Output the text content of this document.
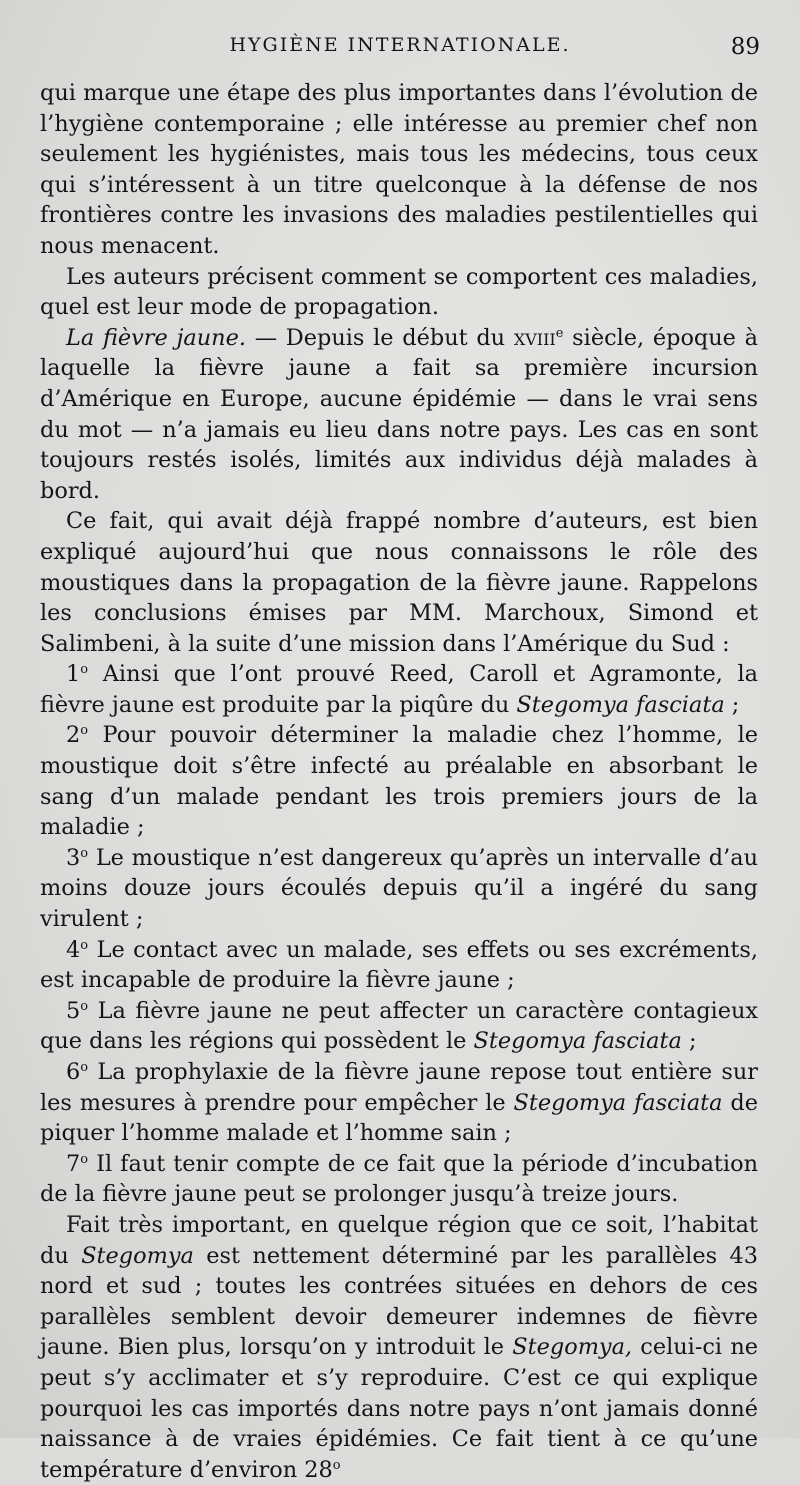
HYGIÈNE INTERNATIONALE.	89

qui marque une étape des plus importantes dans l’évolution de l’hygiène contemporaine ; elle intéresse au premier chef non seulement les hygiénistes, mais tous les médecins, tous ceux qui s’intéressent à un titre quelconque à la défense de nos frontières contre les invasions des maladies pestilentielles qui nous menacent.

Les auteurs précisent comment se comportent ces maladies, quel est leur mode de propagation.

La fièvre jaune. — Depuis le début du xviii$^e$ siècle, époque à laquelle la fièvre jaune a fait sa première incursion d’Amérique en Europe, aucune épidémie — dans le vrai sens du mot — n’a jamais eu lieu dans notre pays. Les cas en sont toujours restés isolés, limités aux individus déjà malades à bord.

Ce fait, qui avait déjà frappé nombre d’auteurs, est bien expliqué aujourd’hui que nous connaissons le rôle des moustiques dans la propagation de la fièvre jaune. Rappelons les conclusions émises par MM. Marchoux, Simond et Salimbeni, à la suite d’une mission dans l’Amérique du Sud :

1$^o$ Ainsi que l’ont prouvé Reed, Caroll et Agramonte, la fièvre jaune est produite par la piqûre du Stegomya fasciata ;

2$^o$ Pour pouvoir déterminer la maladie chez l’homme, le moustique doit s’être infecté au préalable en absorbant le sang d’un malade pendant les trois premiers jours de la maladie ;

3$^o$ Le moustique n’est dangereux qu’après un intervalle d’au moins douze jours écoulés depuis qu’il a ingéré du sang virulent ;

4$^o$ Le contact avec un malade, ses effets ou ses excréments, est incapable de produire la fièvre jaune ;

5$^o$ La fièvre jaune ne peut affecter un caractère contagieux que dans les régions qui possèdent le Stegomya fasciata ;

6$^o$ La prophylaxie de la fièvre jaune repose tout entière sur les mesures à prendre pour empêcher le Stegomya fasciata de piquer l’homme malade et l’homme sain ;

7$^o$ Il faut tenir compte de ce fait que la période d’incubation de la fièvre jaune peut se prolonger jusqu’à treize jours.

Fait très important, en quelque région que ce soit, l’habitat du Stegomya est nettement déterminé par les parallèles 43 nord et sud ; toutes les contrées situées en dehors de ces parallèles semblent devoir demeurer indemnes de fièvre jaune. Bien plus, lorsqu’on y introduit le Stegomya, celui-ci ne peut s’y acclimater et s’y reproduire. C’est ce qui explique pourquoi les cas importés dans notre pays n’ont jamais donné naissance à de vraies épidémies. Ce fait tient à ce qu’une température d’environ 28$^o$
